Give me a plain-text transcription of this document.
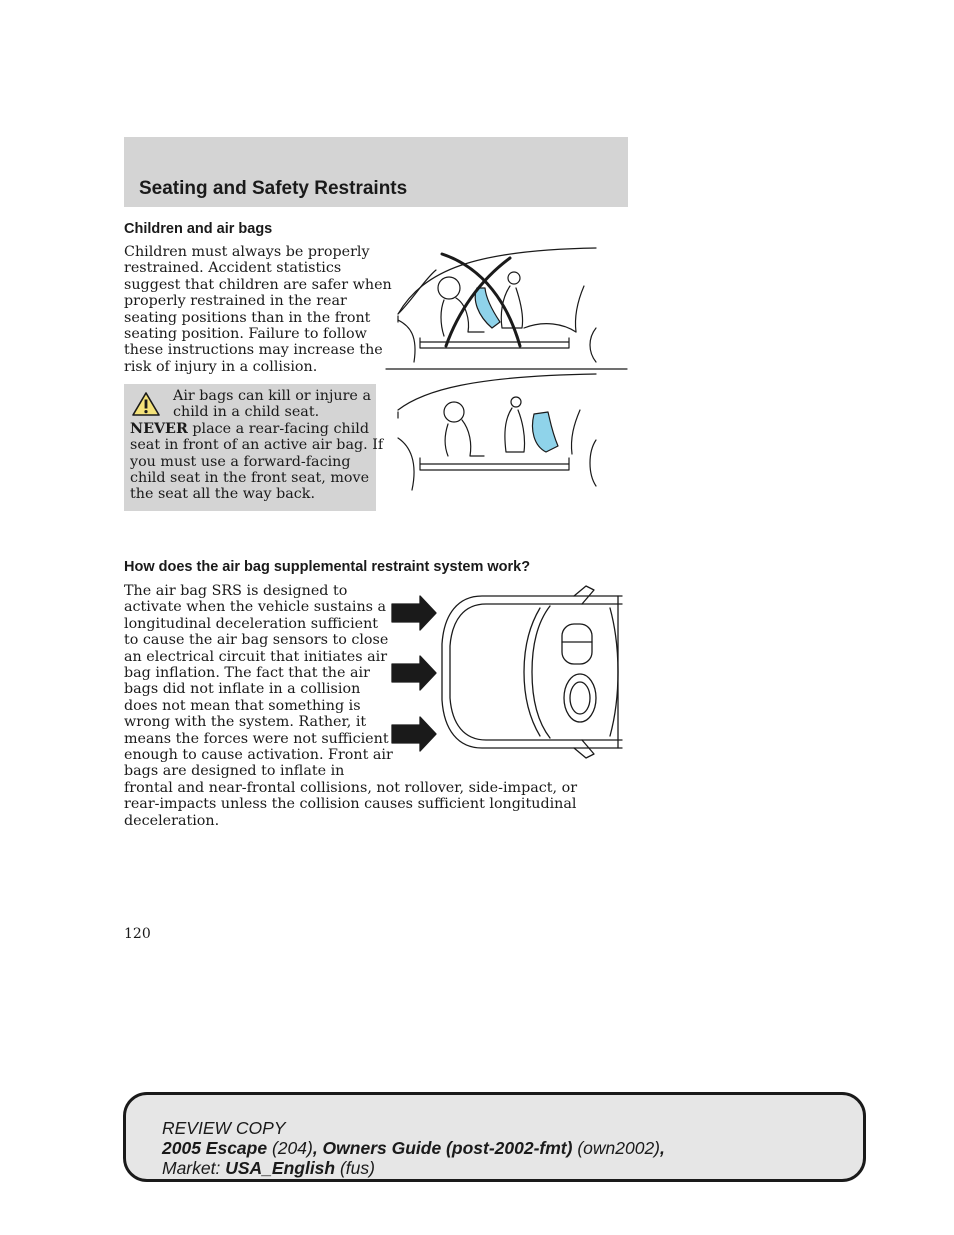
Seating and Safety Restraints
Children and air bags
Children must always be properly
restrained. Accident statistics
suggest that children are safer when
properly restrained in the rear
seating positions than in the front
seating position. Failure to follow
these instructions may increase the
risk of injury in a collision.
Air bags can kill or injure a
child in a child seat.
NEVER place a rear-facing child
seat in front of an active air bag. If
you must use a forward-facing
child seat in the front seat, move
the seat all the way back.
How does the air bag supplemental restraint system work?
The air bag SRS is designed to
activate when the vehicle sustains a
longitudinal deceleration sufficient
to cause the air bag sensors to close
an electrical circuit that initiates air
bag inflation. The fact that the air
bags did not inflate in a collision
does not mean that something is
wrong with the system. Rather, it
means the forces were not sufficient
enough to cause activation. Front air
bags are designed to inflate in
frontal and near-frontal collisions, not rollover, side-impact, or
rear-impacts unless the collision causes sufficient longitudinal
deceleration.
120
REVIEW COPY
2005 Escape (204), Owners Guide (post-2002-fmt) (own2002),
Market: USA_English (fus)
